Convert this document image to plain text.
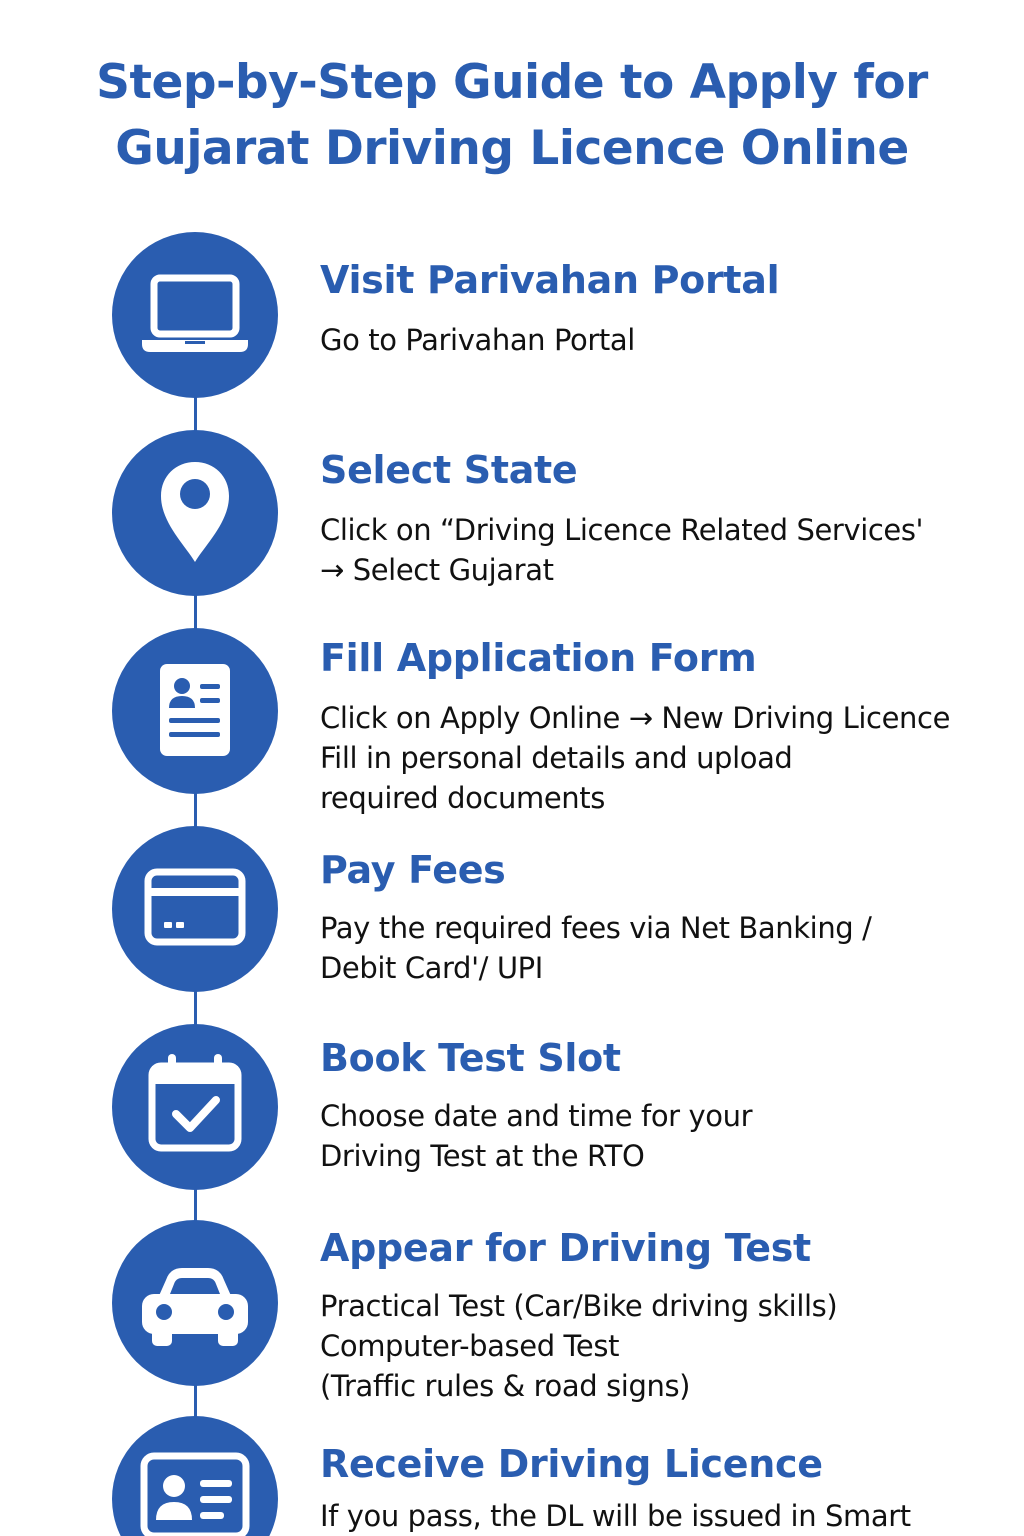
Step-by-Step Guide to Apply for
Gujarat Driving Licence Online
Visit Parivahan Portal
Go to Parivahan Portal
Select State
Click on “Driving Licence Related Services'
→ Select Gujarat
Fill Application Form
Click on Apply Online → New Driving Licence
Fill in personal details and upload
required documents
Pay Fees
Pay the required fees via Net Banking /
Debit Card'/ UPI
Book Test Slot
Choose date and time for your
Driving Test at the RTO
Appear for Driving Test
Practical Test (Car/Bike driving skills)
Computer-based Test
(Traffic rules & road signs)
Receive Driving Licence
If you pass, the DL will be issued in Smart
